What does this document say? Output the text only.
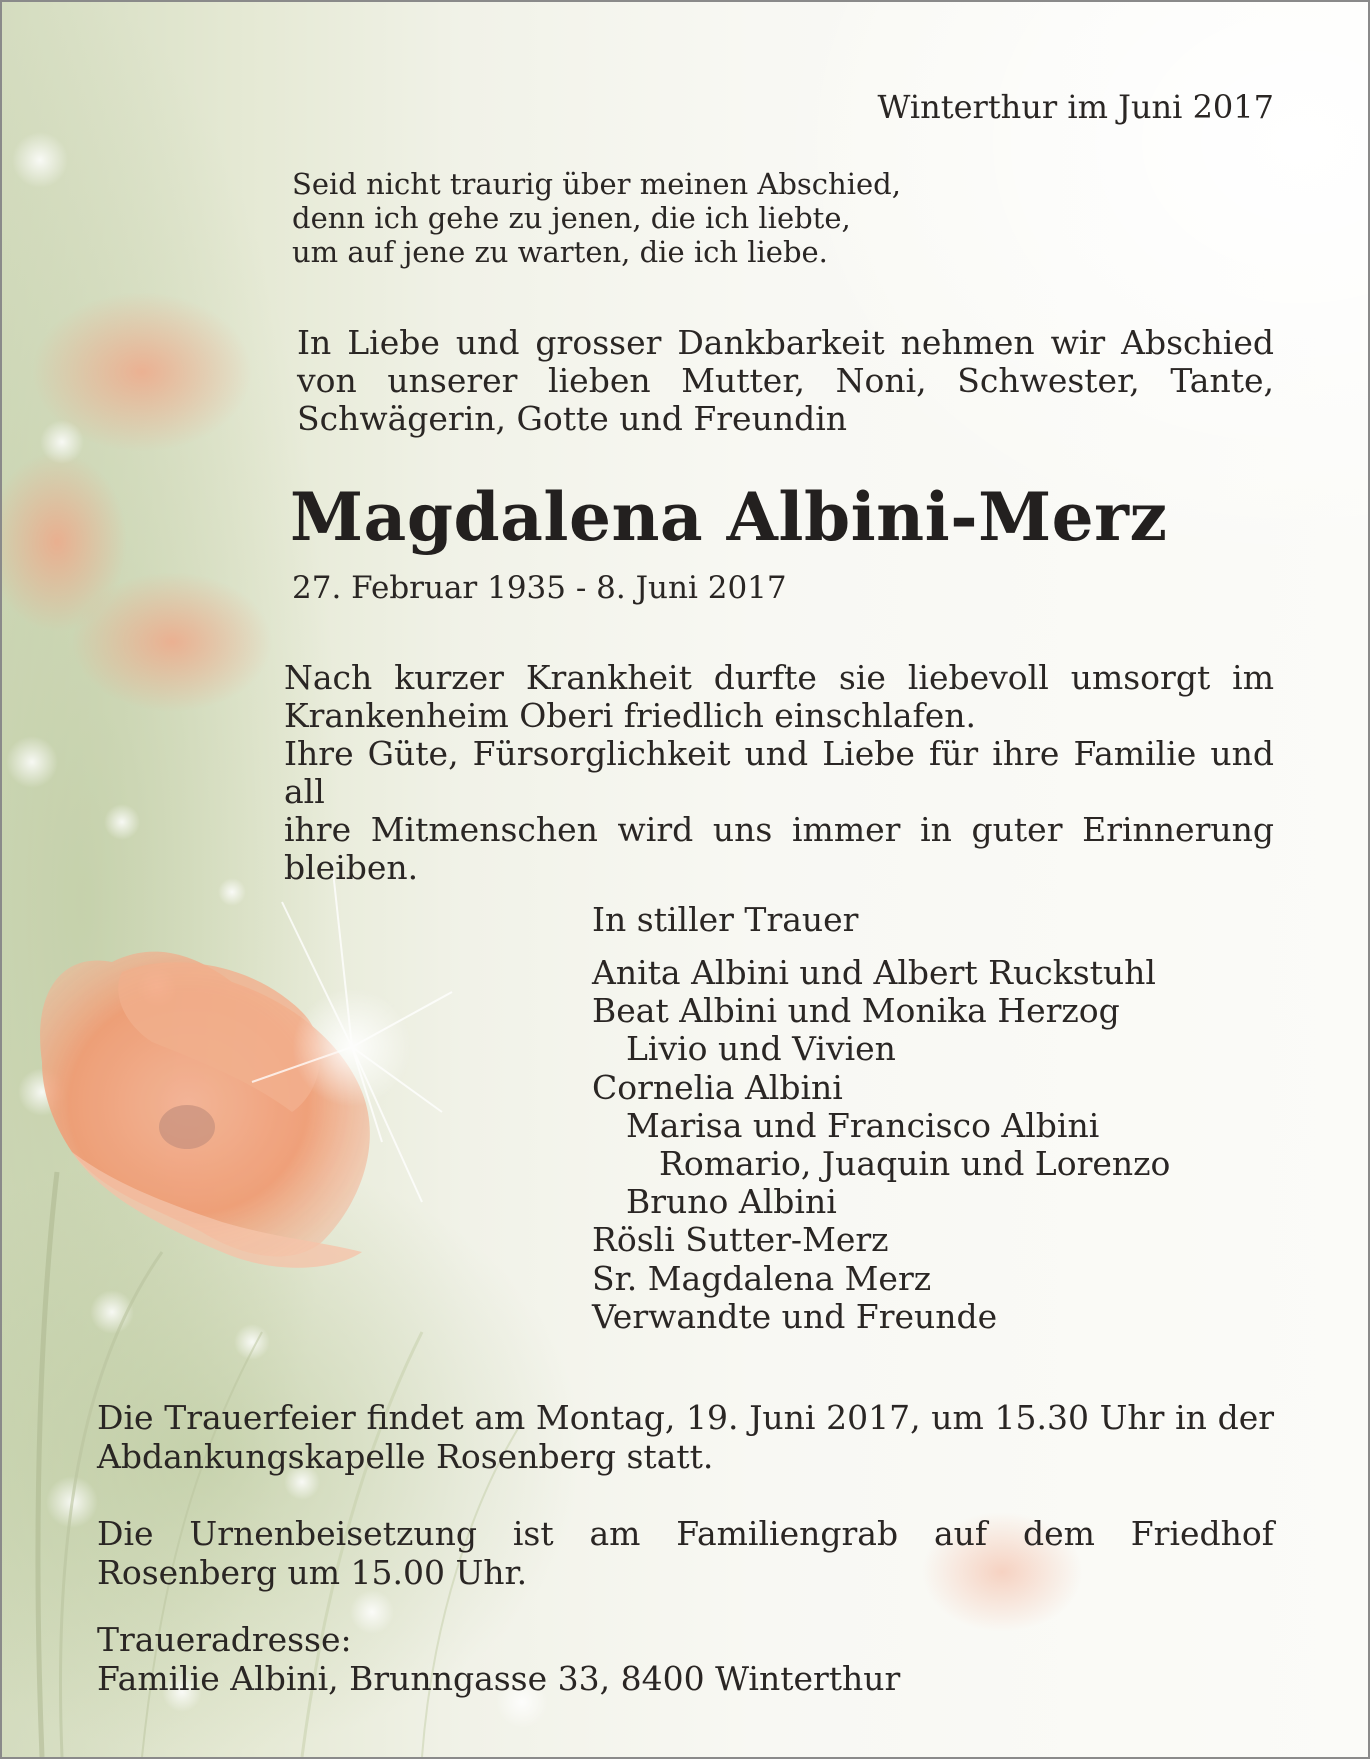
Winterthur im Juni 2017

Seid nicht traurig über meinen Abschied,
denn ich gehe zu jenen, die ich liebte,
um auf jene zu warten, die ich liebe.
In Liebe und grosser Dankbarkeit nehmen wir Abschied
von unserer lieben Mutter, Noni, Schwester, Tante,
Schwägerin, Gotte und Freundin
Magdalena Albini-Merz

27. Februar 1935 - 8. Juni 2017

Nach kurzer Krankheit durfte sie liebevoll umsorgt im
Krankenheim Oberi friedlich einschlafen.
Ihre Güte, Fürsorglichkeit und Liebe für ihre Familie und all
ihre Mitmenschen wird uns immer in guter Erinnerung
bleiben.

In stiller Trauer

Anita Albini und Albert Ruckstuhl
Beat Albini und Monika Herzog
Livio und Vivien
Cornelia Albini
Marisa und Francisco Albini
Romario, Juaquin und Lorenzo
Bruno Albini
Rösli Sutter-Merz
Sr. Magdalena Merz
Verwandte und Freunde

Die Trauerfeier findet am Montag, 19. Juni 2017, um 15.30 Uhr in der Abdankungskapelle Rosenberg statt.

Die Urnenbeisetzung ist am Familiengrab auf dem Friedhof Rosenberg um 15.00 Uhr.

Traueradresse:
Familie Albini, Brunngasse 33, 8400 Winterthur
